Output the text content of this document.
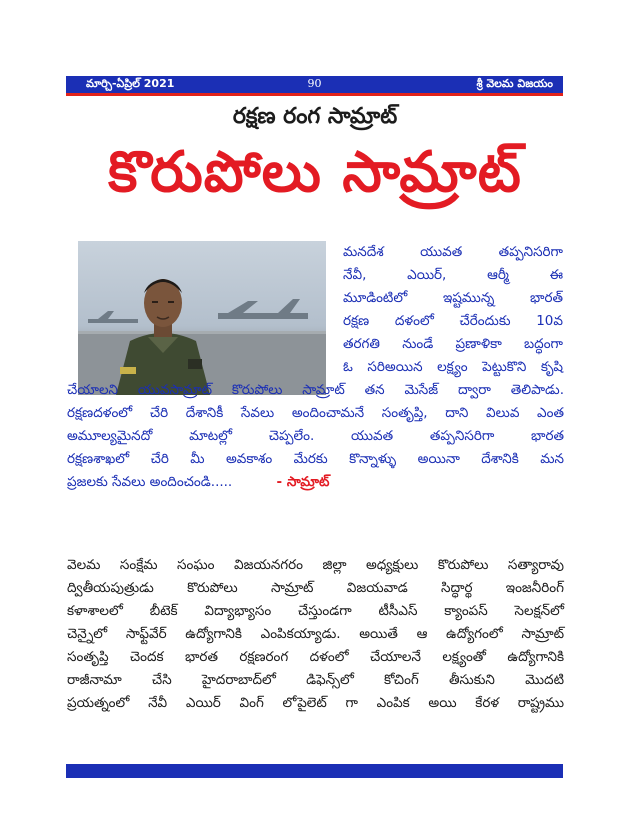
మార్చి-ఏప్రిల్ 2021	90	శ్రీ వెలమ విజయం
రక్షణ రంగ సామ్రాట్
కొరుపోలు సామ్రాట్
మనదేశ యువత తప్పనిసరిగా
నేవీ, ఎయిర్, ఆర్మీ ఈ
మూడింటిలో ఇష్టమున్న భారత్
రక్షణ దళంలో చేరేందుకు 10వ
తరగతి నుండే ప్రణాళికా బద్ధంగా
ఓ సరిఅయిన లక్ష్యం పెట్టుకొని కృషి
చేయాలని యువసామ్రాట్ కొరుపోలు సామ్రాట్ తన మెసేజ్ ద్వారా తెలిపాడు.
రక్షణదళంలో చేరి దేశానికీ సేవలు అందించామనే సంతృప్తి, దాని విలువ ఎంత
అమూల్యమైనదో మాటల్లో చెప్పలేం. యువత తప్పనిసరిగా భారత
రక్షణశాఖలో చేరి మీ అవకాశం మేరకు కొన్నాళ్ళు అయినా దేశానికి మన
ప్రజలకు సేవలు అందించండి.....	- సామ్రాట్
వెలమ సంక్షేమ సంఘం విజయనగరం జిల్లా అధ్యక్షులు కొరుపోలు సత్యారావు
ద్వితీయపుత్రుడు కొరుపోలు సామ్రాట్ విజయవాడ సిద్ధార్థ ఇంజనీరింగ్
కళాశాలలో బీటెక్ విద్యాభ్యాసం చేస్తుండగా టీసీఎస్ క్యాంపస్ సెలక్షన్‌లో
చెన్నైలో సాఫ్ట్‌వేర్ ఉద్యోగానికి ఎంపికయ్యాడు. అయితే ఆ ఉద్యోగంలో సామ్రాట్
సంతృప్తి చెందక భారత రక్షణరంగ దళంలో చేయాలనే లక్ష్యంతో ఉద్యోగానికి
రాజీనామా చేసి హైదరాబాద్‌లో డిఫెన్స్‌లో కోచింగ్ తీసుకుని మొదటి
ప్రయత్నంలో నేవీ ఎయిర్ వింగ్ లోపైలెట్ గా ఎంపిక అయి కేరళ రాష్ట్రము
